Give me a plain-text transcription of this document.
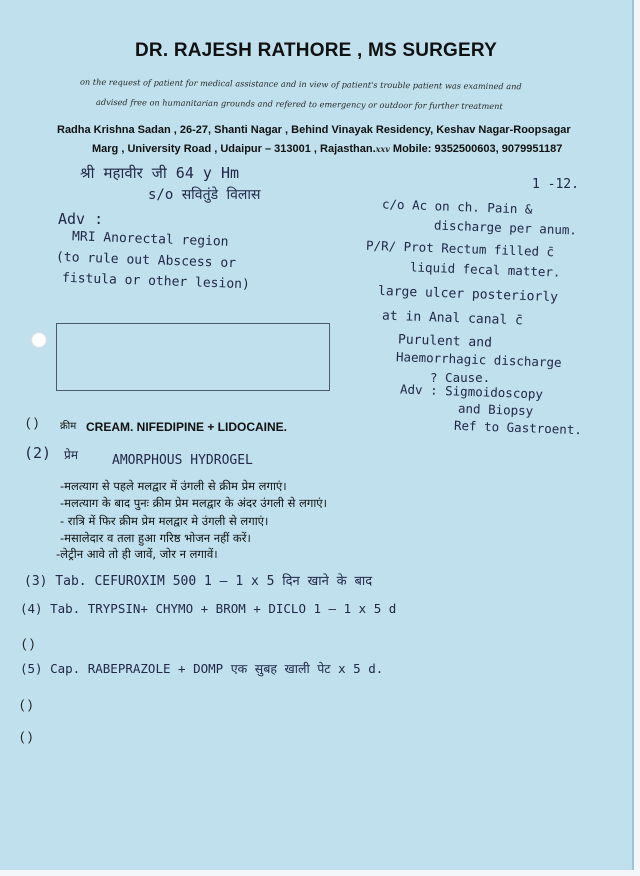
DR. RAJESH RATHORE , MS SURGERY
on the request of patient for medical assistance and in view of patient's trouble patient was examined and
advised free on humanitarian grounds and refered to emergency or outdoor for further treatment
Radha Krishna Sadan , 26-27, Shanti Nagar , Behind Vinayak Residency, Keshav Nagar-Roopsagar
Marg , University Road , Udaipur – 313001 , Rajasthan.xxv Mobile: 9352500603, 9079951187
श्री महावीर जी 64 y Hm
s/o सवितुंडे विलास
1 -12.
Adv :
MRI Anorectal region
(to rule out Abscess or
fistula or other lesion)
c/o Ac on ch. Pain &
discharge per anum.
P/R/ Prot Rectum filled c̄
liquid fecal matter.
large ulcer posteriorly
at in Anal canal c̄
Purulent and
Haemorrhagic discharge
? Cause.
Adv : Sigmoidoscopy
and Biopsy
Ref to Gastroent.
( ) क्रीम CREAM. NIFEDIPINE + LIDOCAINE.
(2) प्रेम	AMORPHOUS HYDROGEL
-मलत्याग से पहले मलद्वार में उंगली से क्रीम प्रेम लगाएं।
-मलत्याग के बाद पुनः क्रीम प्रेम मलद्वार के अंदर उंगली से लगाएं।
- रात्रि में फिर क्रीम प्रेम मलद्वार मे उंगली से लगाएं।
-मसालेदार व तला हुआ गरिष्ठ भोजन नहीं करें।
-लेट्रीन आवे तो ही जावें, जोर न लगावें।
(3) Tab. CEFUROXIM 500 1 — 1 x 5 दिन खाने के बाद
(4) Tab. TRYPSIN+ CHYMO + BROM + DICLO 1 — 1 x 5 d
( )
(5) Cap. RABEPRAZOLE + DOMP एक सुबह खाली पेट x 5 d.
( )
( )
